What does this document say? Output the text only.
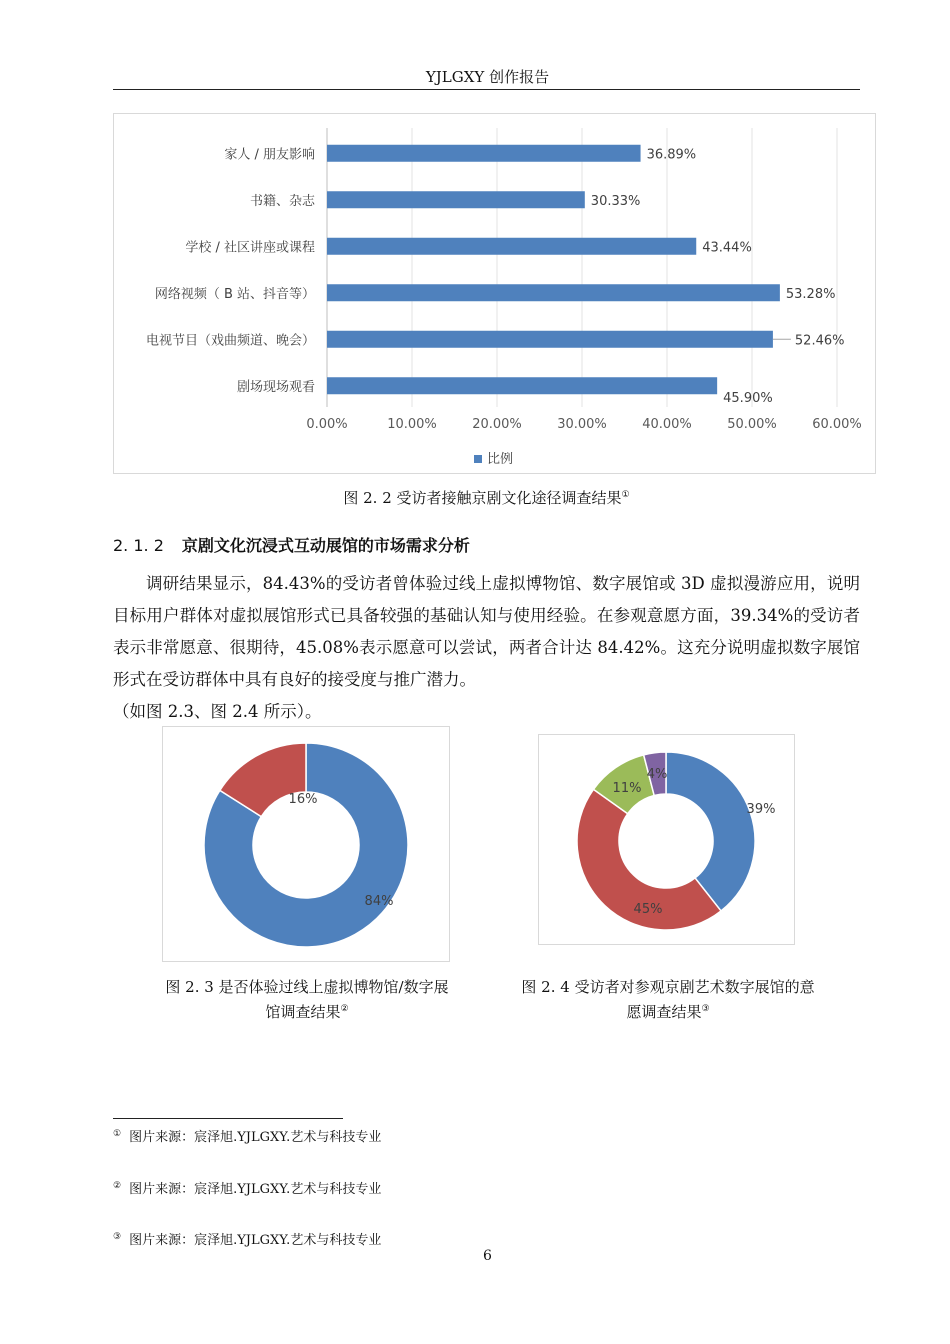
YJLGXY 创作报告
0.00%	10.00%	20.00%	30.00%	40.00%	50.00%	60.00%
家人 / 朋友影响	36.89%
书籍、杂志	30.33%
学校 / 社区讲座或课程	43.44%
网络视频（ B 站、抖音等）	53.28%
电视节目（戏曲频道、晚会）	52.46%
剧场现场观看
45.90%
比例
图 2. 2 受访者接触京剧文化途径调查结果①
2. 1. 2 京剧文化沉浸式互动展馆的市场需求分析

调研结果显示，84.43%的受访者曾体验过线上虚拟博物馆、数字展馆或 3D 虚拟漫游应用，说明目标用户群体对虚拟展馆形式已具备较强的基础认知与使用经验。在参观意愿方面，39.34%的受访者表示非常愿意、很期待，45.08%表示愿意可以尝试，两者合计达 84.42%。这充分说明虚拟数字展馆形式在受访群体中具有良好的接受度与推广潜力。

（如图 2.3、图 2.4 所示）。

84%
16%
39%
45%
11%
4%
图 2. 3 是否体验过线上虚拟博物馆/数字展
馆调查结果②
图 2. 4 受访者对参观京剧艺术数字展馆的意
愿调查结果③
① 图片来源：宸泽旭.YJLGXY.艺术与科技专业
② 图片来源：宸泽旭.YJLGXY.艺术与科技专业
③ 图片来源：宸泽旭.YJLGXY.艺术与科技专业
6
